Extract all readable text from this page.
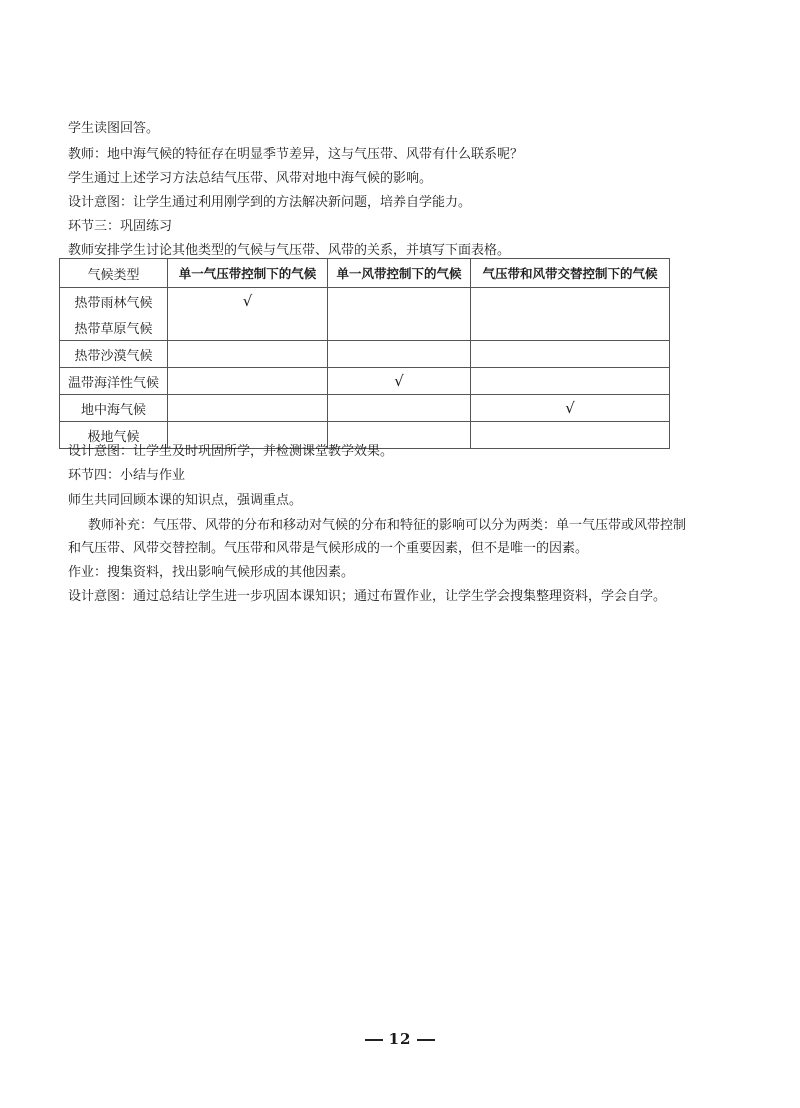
学生读图回答。
教师：地中海气候的特征存在明显季节差异，这与气压带、风带有什么联系呢？
学生通过上述学习方法总结气压带、风带对地中海气候的影响。
设计意图：让学生通过利用刚学到的方法解决新问题，培养自学能力。
环节三：巩固练习
教师安排学生讨论其他类型的气候与气压带、风带的关系，并填写下面表格。
气候类型	单一气压带控制下的气候	单一风带控制下的气候	气压带和风带交替控制下的气候
热带雨林气候	√		
热带草原气候			
热带沙漠气候			
温带海洋性气候		√	
地中海气候			√
极地气候			
设计意图：让学生及时巩固所学，并检测课堂教学效果。
环节四：小结与作业
师生共同回顾本课的知识点，强调重点。
教师补充：气压带、风带的分布和移动对气候的分布和特征的影响可以分为两类：单一气压带或风带控制
和气压带、风带交替控制。气压带和风带是气候形成的一个重要因素，但不是唯一的因素。
作业：搜集资料，找出影响气候形成的其他因素。
设计意图：通过总结让学生进一步巩固本课知识；通过布置作业，让学生学会搜集整理资料，学会自学。
12
